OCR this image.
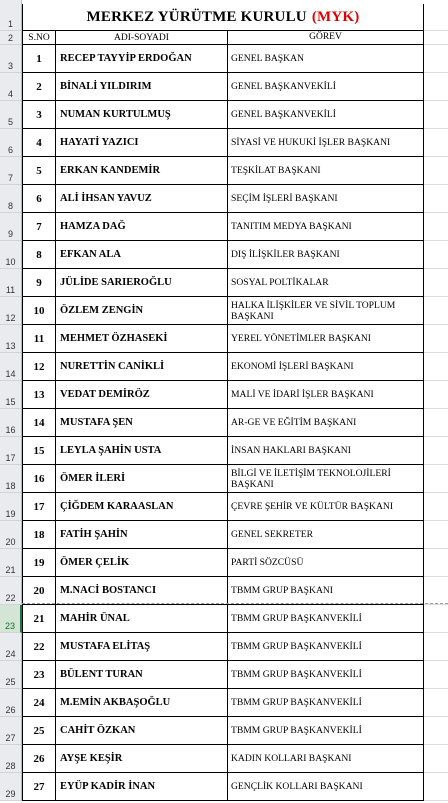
1
2
3
4
5
6
7
8
9
10
11
12
13
14
15
16
17
18
19
20
21
22
23
24
25
26
27
28
29
MERKEZ YÜRÜTME KURULU (MYK)
S.NO	ADI-SOYADI	GÖREV
1	RECEP TAYYİP ERDOĞAN	GENEL BAŞKAN
2	BİNALİ YILDIRIM	GENEL BAŞKANVEKİLİ
3	NUMAN KURTULMUŞ	GENEL BAŞKANVEKİLİ
4	HAYATİ YAZICI	SİYASİ VE HUKUKİ İŞLER BAŞKANI
5	ERKAN KANDEMİR	TEŞKİLAT BAŞKANI
6	ALİ İHSAN YAVUZ	SEÇİM İŞLERİ BAŞKANI
7	HAMZA DAĞ	TANITIM MEDYA BAŞKANI
8	EFKAN ALA	DIŞ İLİŞKİLER BAŞKANI
9	JÜLİDE SARIEROĞLU	SOSYAL POLTİKALAR
10	ÖZLEM ZENGİN	HALKA İLİŞKİLER VE SİVİL TOPLUM BAŞKANI
11	MEHMET ÖZHASEKİ	YEREL YÖNETİMLER BAŞKANI
12	NURETTİN CANİKLİ	EKONOMİ İŞLERİ BAŞKANI
13	VEDAT DEMİRÖZ	MALİ VE İDARİ İŞLER BAŞKANI
14	MUSTAFA ŞEN	AR-GE VE EĞİTİM BAŞKANI
15	LEYLA ŞAHİN USTA	İNSAN HAKLARI BAŞKANI
16	ÖMER İLERİ	BİLGİ VE İLETİŞİM TEKNOLOJİLERİ BAŞKANI
17	ÇİĞDEM KARAASLAN	ÇEVRE ŞEHİR VE KÜLTÜR BAŞKANI
18	FATİH ŞAHİN	GENEL SEKRETER
19	ÖMER ÇELİK	PARTİ SÖZCÜSÜ
20	M.NACİ BOSTANCI	TBMM GRUP BAŞKANI
21	MAHİR ÜNAL	TBMM GRUP BAŞKANVEKİLİ
22	MUSTAFA ELİTAŞ	TBMM GRUP BAŞKANVEKİLİ
23	BÜLENT TURAN	TBMM GRUP BAŞKANVEKİLİ
24	M.EMİN AKBAŞOĞLU	TBMM GRUP BAŞKANVEKİLİ
25	CAHİT ÖZKAN	TBMM GRUP BAŞKANVEKİLİ
26	AYŞE KEŞİR	KADIN KOLLARI BAŞKANI
27	EYÜP KADİR İNAN	GENÇLİK KOLLARI BAŞKANI
